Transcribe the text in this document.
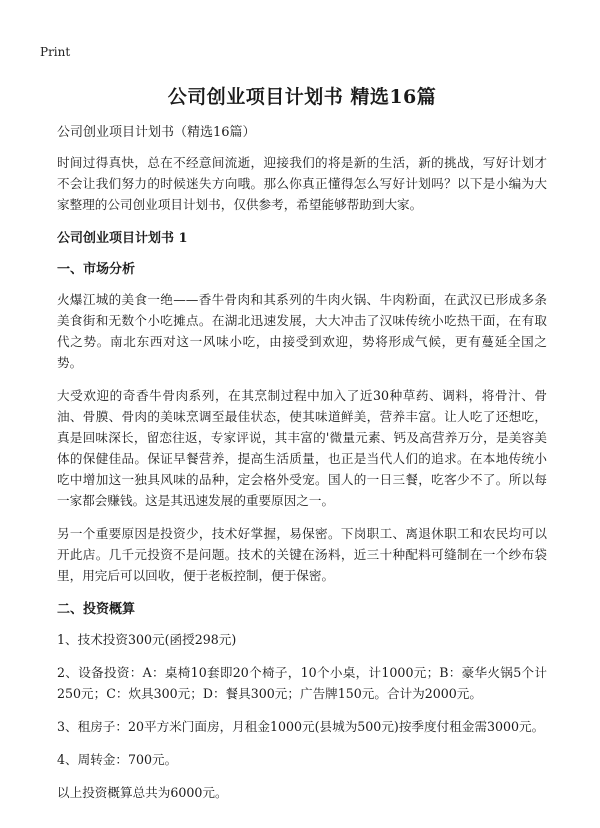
Print
公司创业项目计划书 精选16篇
公司创业项目计划书（精选16篇）

时间过得真快，总在不经意间流逝，迎接我们的将是新的生活，新的挑战，写好计划才不会让我们努力的时候迷失方向哦。那么你真正懂得怎么写好计划吗？以下是小编为大家整理的公司创业项目计划书，仅供参考，希望能够帮助到大家。

公司创业项目计划书 1
一、市场分析

火爆江城的美食一绝——香牛骨肉和其系列的牛肉火锅、牛肉粉面，在武汉已形成多条美食街和无数个小吃摊点。在湖北迅速发展，大大冲击了汉味传统小吃热干面，在有取代之势。南北东西对这一风味小吃，由接受到欢迎，势将形成气候，更有蔓延全国之势。

大受欢迎的奇香牛骨肉系列，在其烹制过程中加入了近30种草药、调料，将骨汁、骨油、骨膜、骨肉的美味烹调至最佳状态，使其味道鲜美，营养丰富。让人吃了还想吃，真是回味深长，留恋往返，专家评说，其丰富的'微量元素、钙及高营养万分，是美容美体的保健佳品。保证早餐营养，提高生活质量，也正是当代人们的追求。在本地传统小吃中增加这一独具风味的品种，定会格外受宠。国人的一日三餐，吃客少不了。所以每一家都会赚钱。这是其迅速发展的重要原因之一。

另一个重要原因是投资少，技术好掌握，易保密。下岗职工、离退休职工和农民均可以开此店。几千元投资不是问题。技术的关键在汤料，近三十种配料可缝制在一个纱布袋里，用完后可以回收，便于老板控制，便于保密。

二、投资概算

1、技术投资300元(函授298元)

2、设备投资：A：桌椅10套即20个椅子，10个小桌，计1000元；B：豪华火锅5个计250元；C：炊具300元；D：餐具300元；广告牌150元。合计为2000元。

3、租房子：20平方米门面房，月租金1000元(县城为500元)按季度付租金需3000元。

4、周转金：700元。

以上投资概算总共为6000元。
